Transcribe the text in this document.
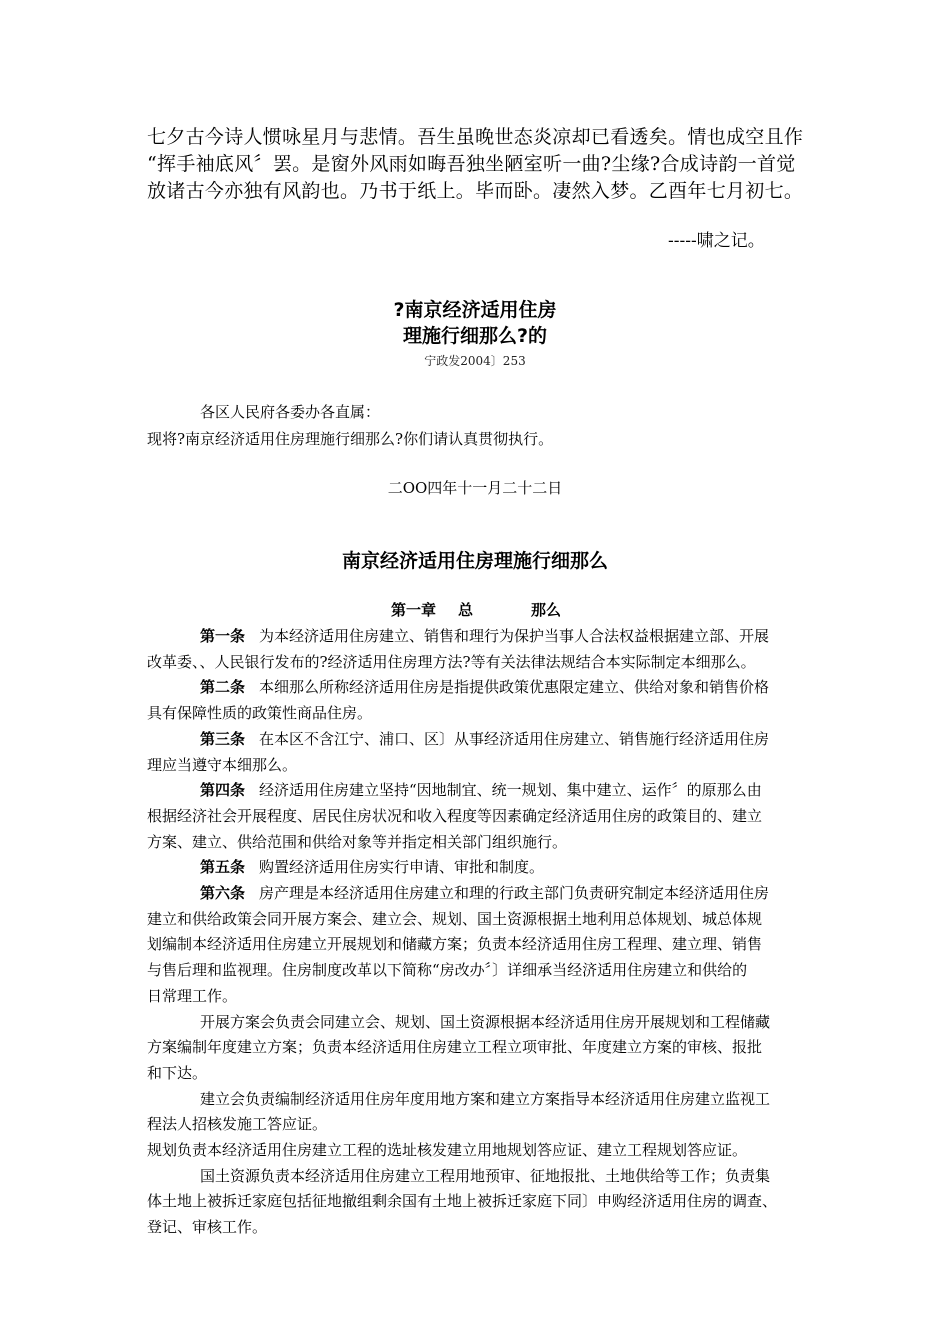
七夕古今诗人惯咏星月与悲情。吾生虽晚世态炎凉却已看透矣。情也成空且作

“挥手袖底风〞罢。是窗外风雨如晦吾独坐陋室听一曲?尘缘?合成诗韵一首觉

放诸古今亦独有风韵也。乃书于纸上。毕而卧。凄然入梦。乙酉年七月初七。

-----啸之记。
?南京经济适用住房
理施行细那么?的
宁政发2004〕253
各区人民府各委办各直属：
现将?南京经济适用住房理施行细那么?你们请认真贯彻执行。
二OO四年十一月二十二日
南京经济适用住房理施行细那么
第一章 总	那么

第一条 为本经济适用住房建立、销售和理行为保护当事人合法权益根据建立部、开展

改革委、、人民银行发布的?经济适用住房理方法?等有关法律法规结合本实际制定本细那么。

第二条 本细那么所称经济适用住房是指提供政策优惠限定建立、供给对象和销售价格

具有保障性质的政策性商品住房。

第三条 在本区不含江宁、浦口、区〕从事经济适用住房建立、销售施行经济适用住房

理应当遵守本细那么。

第四条 经济适用住房建立坚持“因地制宜、统一规划、集中建立、运作〞的原那么由

根据经济社会开展程度、居民住房状况和收入程度等因素确定经济适用住房的政策目的、建立

方案、建立、供给范围和供给对象等并指定相关部门组织施行。

第五条 购置经济适用住房实行申请、审批和制度。

第六条 房产理是本经济适用住房建立和理的行政主部门负责研究制定本经济适用住房

建立和供给政策会同开展方案会、建立会、规划、国土资源根据土地利用总体规划、城总体规

划编制本经济适用住房建立开展规划和储藏方案；负责本经济适用住房工程理、建立理、销售

与售后理和监视理。住房制度改革以下简称“房改办〞〕详细承当经济适用住房建立和供给的

日常理工作。

开展方案会负责会同建立会、规划、国土资源根据本经济适用住房开展规划和工程储藏

方案编制年度建立方案；负责本经济适用住房建立工程立项审批、年度建立方案的审核、报批

和下达。

建立会负责编制经济适用住房年度用地方案和建立方案指导本经济适用住房建立监视工

程法人招核发施工答应证。

规划负责本经济适用住房建立工程的选址核发建立用地规划答应证、建立工程规划答应证。

国土资源负责本经济适用住房建立工程用地预审、征地报批、土地供给等工作；负责集

体土地上被拆迁家庭包括征地撤组剩余国有土地上被拆迁家庭下同〕申购经济适用住房的调查、

登记、审核工作。
